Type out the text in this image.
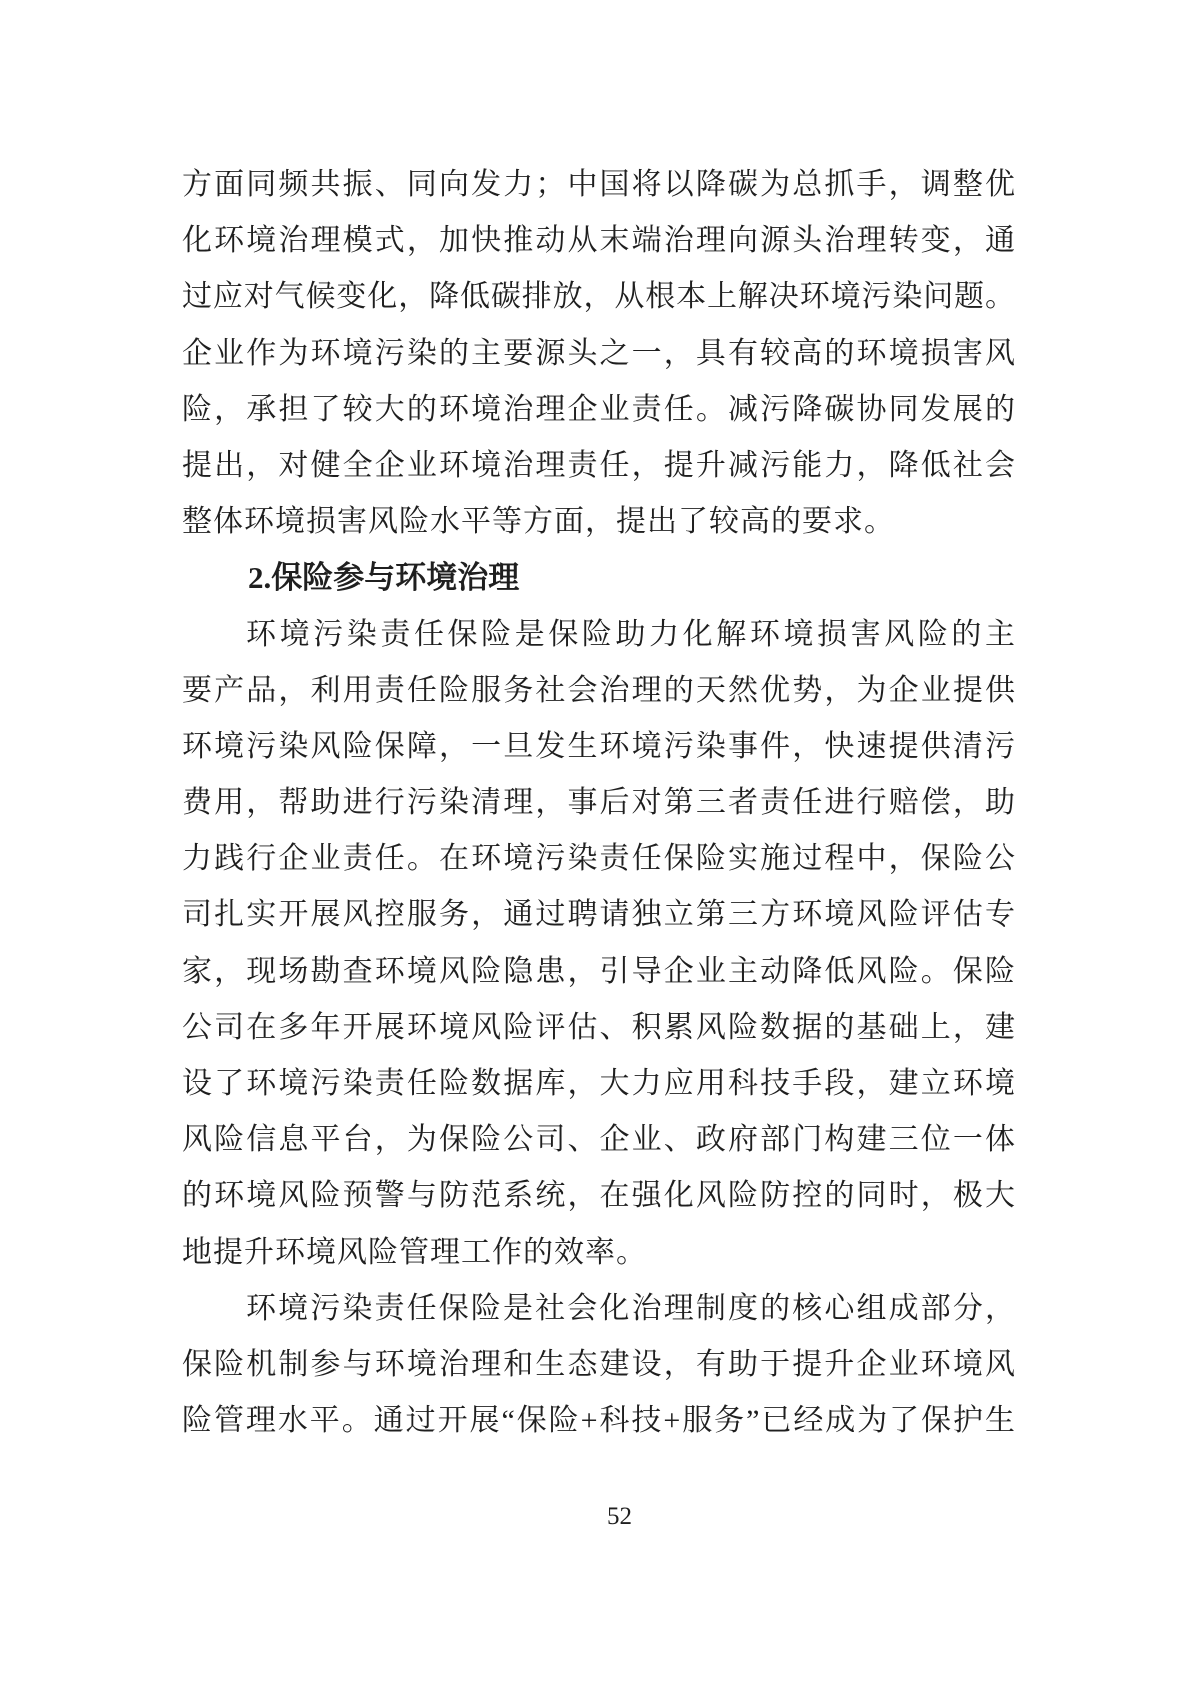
方面同频共振、同向发力；中国将以降碳为总抓手，调整优
化环境治理模式，加快推动从末端治理向源头治理转变，通
过应对气候变化，降低碳排放，从根本上解决环境污染问题。
企业作为环境污染的主要源头之一，具有较高的环境损害风
险，承担了较大的环境治理企业责任。减污降碳协同发展的
提出，对健全企业环境治理责任，提升减污能力，降低社会
整体环境损害风险水平等方面，提出了较高的要求。
2.保险参与环境治理
环境污染责任保险是保险助力化解环境损害风险的主
要产品，利用责任险服务社会治理的天然优势，为企业提供
环境污染风险保障，一旦发生环境污染事件，快速提供清污
费用，帮助进行污染清理，事后对第三者责任进行赔偿，助
力践行企业责任。在环境污染责任保险实施过程中，保险公
司扎实开展风控服务，通过聘请独立第三方环境风险评估专
家，现场勘查环境风险隐患，引导企业主动降低风险。保险
公司在多年开展环境风险评估、积累风险数据的基础上，建
设了环境污染责任险数据库，大力应用科技手段，建立环境
风险信息平台，为保险公司、企业、政府部门构建三位一体
的环境风险预警与防范系统，在强化风险防控的同时，极大
地提升环境风险管理工作的效率。
环境污染责任保险是社会化治理制度的核心组成部分，
保险机制参与环境治理和生态建设，有助于提升企业环境风
险管理水平。通过开展“保险+科技+服务”已经成为了保护生
52
